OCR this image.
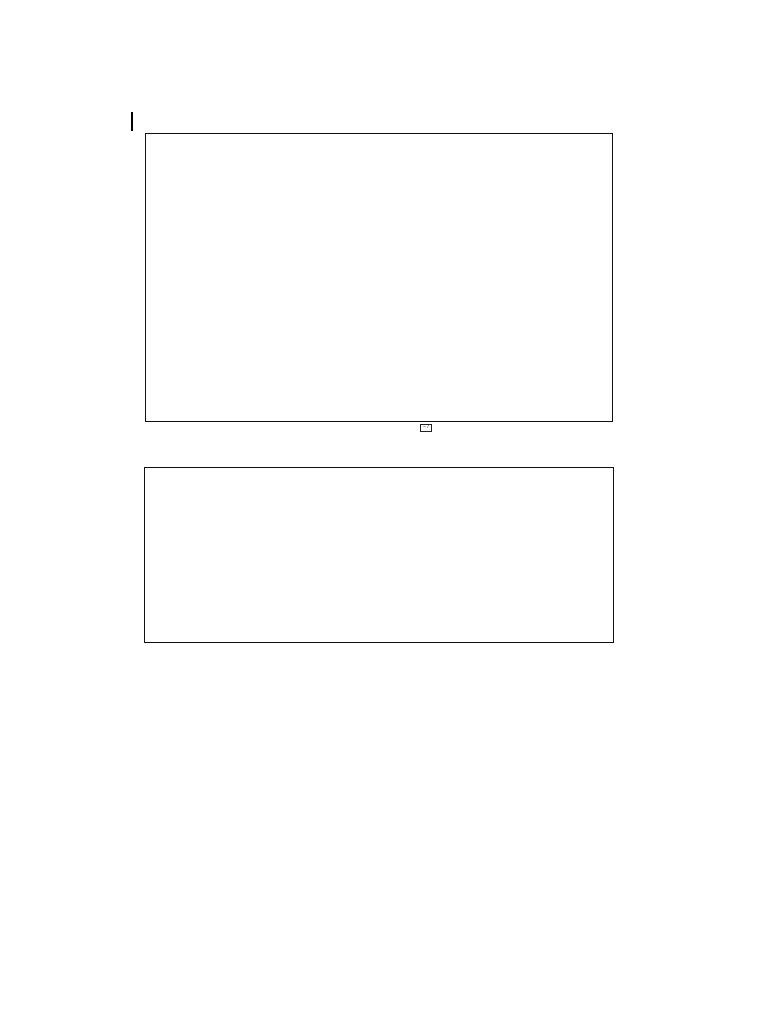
− /
